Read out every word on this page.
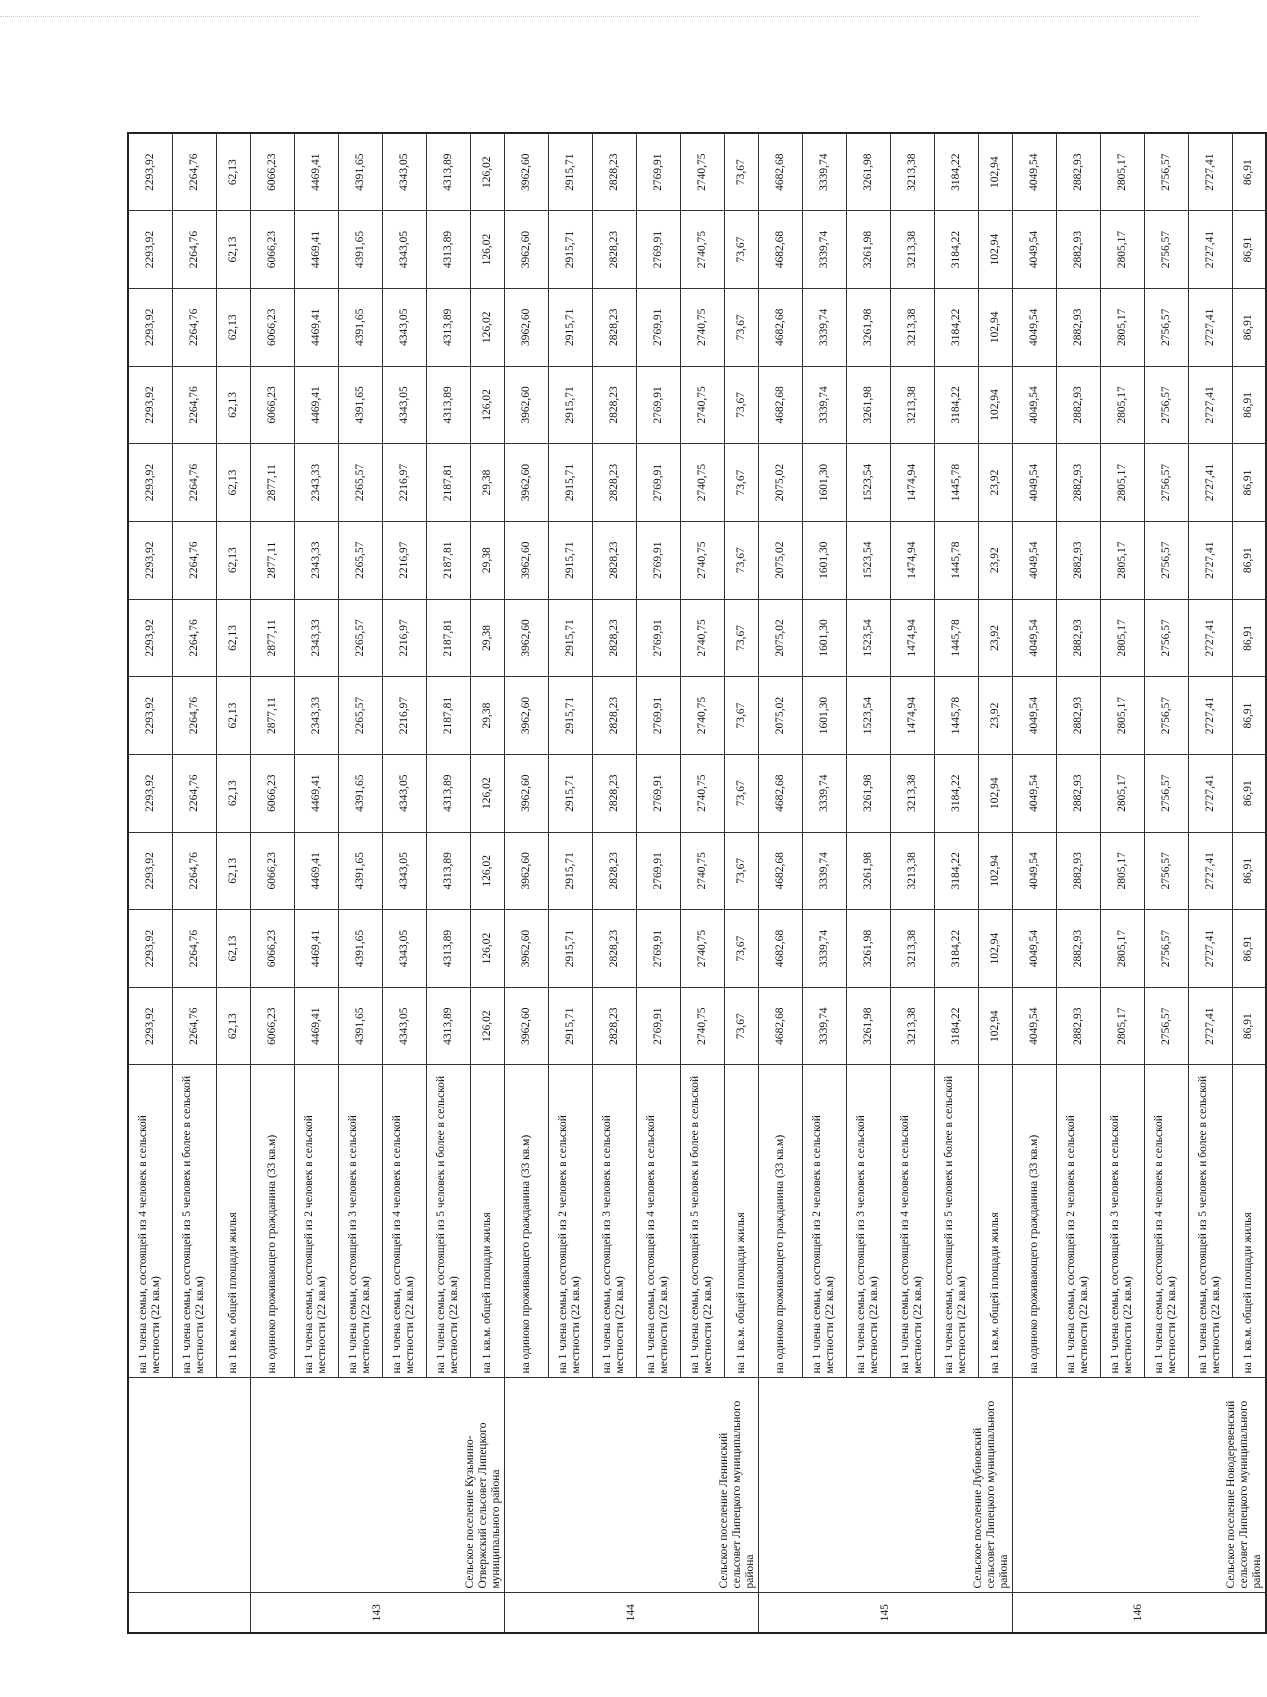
		на 1 члена семьи, состоящей из 4 человек в сельской местности (22 кв.м)	2293,92	2293,92	2293,92	2293,92	2293,92	2293,92	2293,92	2293,92	2293,92	2293,92	2293,92	2293,92
		на 1 члена семьи, состоящей из 5 человек и более в сельской местности (22 кв.м)	2264,76	2264,76	2264,76	2264,76	2264,76	2264,76	2264,76	2264,76	2264,76	2264,76	2264,76	2264,76
		на 1 кв.м. общей площади жилья	62,13	62,13	62,13	62,13	62,13	62,13	62,13	62,13	62,13	62,13	62,13	62,13
143	Сельское поселение Кузьмино-Отвержский сельсовет Липецкого муниципального района	на одиноко проживающего гражданина (33 кв.м)	6066,23	6066,23	6066,23	6066,23	2877,11	2877,11	2877,11	2877,11	6066,23	6066,23	6066,23	6066,23
		на 1 члена семьи, состоящей из 2 человек в сельской местности (22 кв.м)	4469,41	4469,41	4469,41	4469,41	2343,33	2343,33	2343,33	2343,33	4469,41	4469,41	4469,41	4469,41
		на 1 члена семьи, состоящей из 3 человек в сельской местности (22 кв.м)	4391,65	4391,65	4391,65	4391,65	2265,57	2265,57	2265,57	2265,57	4391,65	4391,65	4391,65	4391,65
		на 1 члена семьи, состоящей из 4 человек в сельской местности (22 кв.м)	4343,05	4343,05	4343,05	4343,05	2216,97	2216,97	2216,97	2216,97	4343,05	4343,05	4343,05	4343,05
		на 1 члена семьи, состоящей из 5 человек и более в сельской местности (22 кв.м)	4313,89	4313,89	4313,89	4313,89	2187,81	2187,81	2187,81	2187,81	4313,89	4313,89	4313,89	4313,89
		на 1 кв.м. общей площади жилья	126,02	126,02	126,02	126,02	29,38	29,38	29,38	29,38	126,02	126,02	126,02	126,02
144	Сельское поселение Ленинский сельсовет Липецкого муниципального района	на одиноко проживающего гражданина (33 кв.м)	3962,60	3962,60	3962,60	3962,60	3962,60	3962,60	3962,60	3962,60	3962,60	3962,60	3962,60	3962,60
		на 1 члена семьи, состоящей из 2 человек в сельской местности (22 кв.м)	2915,71	2915,71	2915,71	2915,71	2915,71	2915,71	2915,71	2915,71	2915,71	2915,71	2915,71	2915,71
		на 1 члена семьи, состоящей из 3 человек в сельской местности (22 кв.м)	2828,23	2828,23	2828,23	2828,23	2828,23	2828,23	2828,23	2828,23	2828,23	2828,23	2828,23	2828,23
		на 1 члена семьи, состоящей из 4 человек в сельской местности (22 кв.м)	2769,91	2769,91	2769,91	2769,91	2769,91	2769,91	2769,91	2769,91	2769,91	2769,91	2769,91	2769,91
		на 1 члена семьи, состоящей из 5 человек и более в сельской местности (22 кв.м)	2740,75	2740,75	2740,75	2740,75	2740,75	2740,75	2740,75	2740,75	2740,75	2740,75	2740,75	2740,75
		на 1 кв.м. общей площади жилья	73,67	73,67	73,67	73,67	73,67	73,67	73,67	73,67	73,67	73,67	73,67	73,67
145	Сельское поселение Лубновский сельсовет Липецкого муниципального района	на одиноко проживающего гражданина (33 кв.м)	4682,68	4682,68	4682,68	4682,68	2075,02	2075,02	2075,02	2075,02	4682,68	4682,68	4682,68	4682,68
		на 1 члена семьи, состоящей из 2 человек в сельской местности (22 кв.м)	3339,74	3339,74	3339,74	3339,74	1601,30	1601,30	1601,30	1601,30	3339,74	3339,74	3339,74	3339,74
		на 1 члена семьи, состоящей из 3 человек в сельской местности (22 кв.м)	3261,98	3261,98	3261,98	3261,98	1523,54	1523,54	1523,54	1523,54	3261,98	3261,98	3261,98	3261,98
		на 1 члена семьи, состоящей из 4 человек в сельской местности (22 кв.м)	3213,38	3213,38	3213,38	3213,38	1474,94	1474,94	1474,94	1474,94	3213,38	3213,38	3213,38	3213,38
		на 1 члена семьи, состоящей из 5 человек и более в сельской местности (22 кв.м)	3184,22	3184,22	3184,22	3184,22	1445,78	1445,78	1445,78	1445,78	3184,22	3184,22	3184,22	3184,22
		на 1 кв.м. общей площади жилья	102,94	102,94	102,94	102,94	23,92	23,92	23,92	23,92	102,94	102,94	102,94	102,94
146	Сельское поселение Новодеревенский сельсовет Липецкого муниципального района	на одиноко проживающего гражданина (33 кв.м)	4049,54	4049,54	4049,54	4049,54	4049,54	4049,54	4049,54	4049,54	4049,54	4049,54	4049,54	4049,54
		на 1 члена семьи, состоящей из 2 человек в сельской местности (22 кв.м)	2882,93	2882,93	2882,93	2882,93	2882,93	2882,93	2882,93	2882,93	2882,93	2882,93	2882,93	2882,93
		на 1 члена семьи, состоящей из 3 человек в сельской местности (22 кв.м)	2805,17	2805,17	2805,17	2805,17	2805,17	2805,17	2805,17	2805,17	2805,17	2805,17	2805,17	2805,17
		на 1 члена семьи, состоящей из 4 человек в сельской местности (22 кв.м)	2756,57	2756,57	2756,57	2756,57	2756,57	2756,57	2756,57	2756,57	2756,57	2756,57	2756,57	2756,57
		на 1 члена семьи, состоящей из 5 человек и более в сельской местности (22 кв.м)	2727,41	2727,41	2727,41	2727,41	2727,41	2727,41	2727,41	2727,41	2727,41	2727,41	2727,41	2727,41
		на 1 кв.м. общей площади жилья	86,91	86,91	86,91	86,91	86,91	86,91	86,91	86,91	86,91	86,91	86,91	86,91
